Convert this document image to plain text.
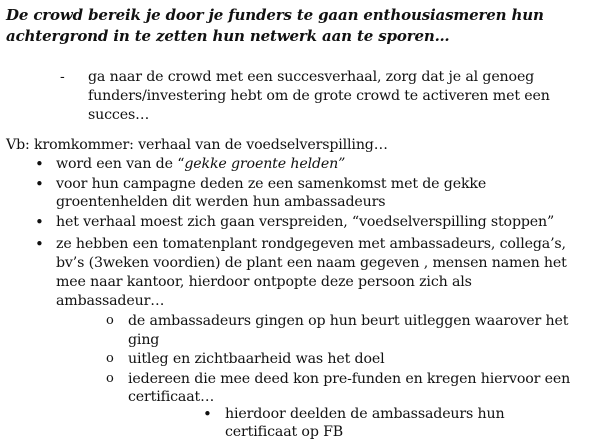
De crowd bereik je door je funders te gaan enthousiasmeren hun
achtergrond in te zetten hun netwerk aan te sporen…
- ga naar de crowd met een succesverhaal, zorg dat je al genoeg
funders/investering hebt om de grote crowd te activeren met een
succes…
Vb: kromkommer: verhaal van de voedselverspilling…
• word een van de “gekke groente helden”
• voor hun campagne deden ze een samenkomst met de gekke
groentenhelden dit werden hun ambassadeurs
• het verhaal moest zich gaan verspreiden, “voedselverspilling stoppen”
• ze hebben een tomatenplant rondgegeven met ambassadeurs, collega’s,
bv’s (3weken voordien) de plant een naam gegeven , mensen namen het
mee naar kantoor, hierdoor ontpopte deze persoon zich als
ambassadeur…
o de ambassadeurs gingen op hun beurt uitleggen waarover het
ging
o uitleg en zichtbaarheid was het doel
o iedereen die mee deed kon pre-funden en kregen hiervoor een
certificaat…
• hierdoor deelden de ambassadeurs hun
certificaat op FB
